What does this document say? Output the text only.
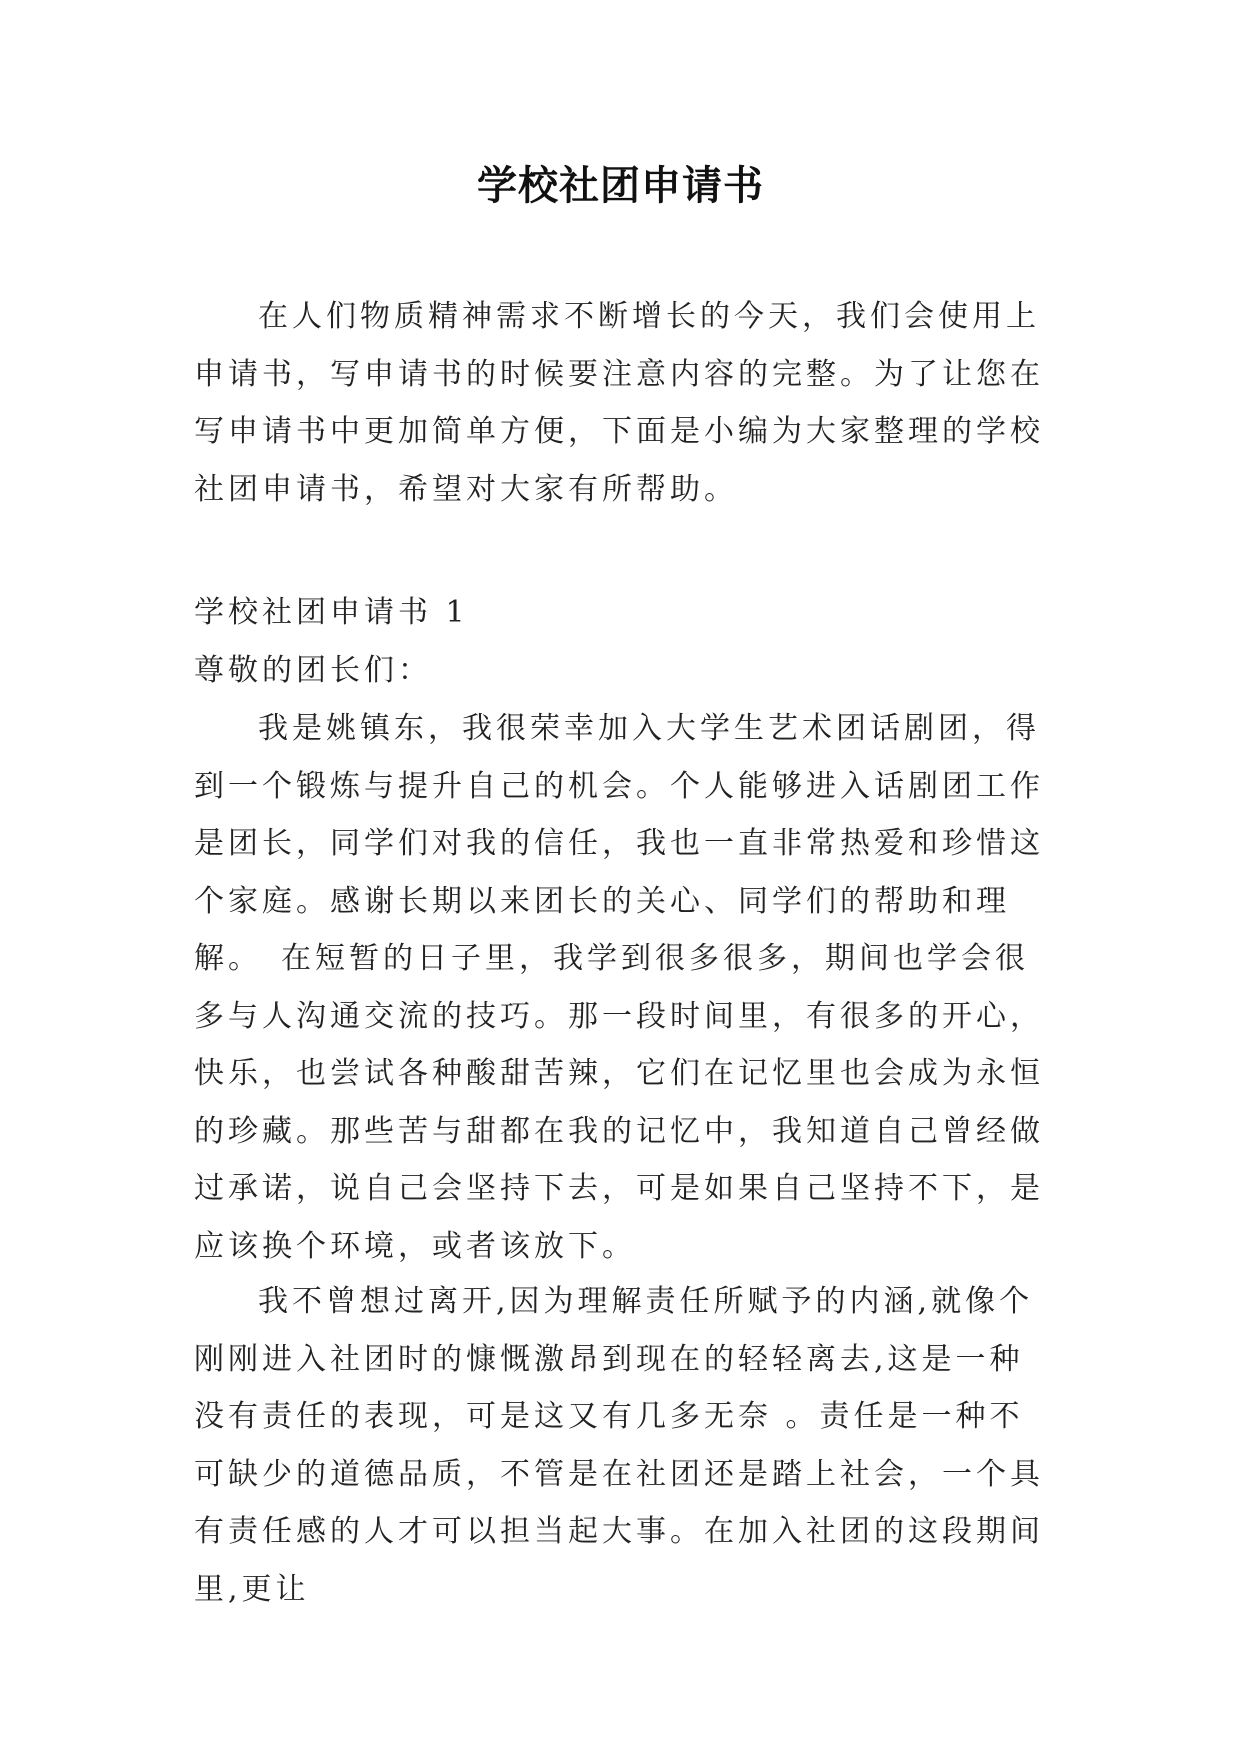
学校社团申请书
在人们物质精神需求不断增长的今天，我们会使用上申请书，写申请书的时候要注意内容的完整。为了让您在写申请书中更加简单方便，下面是小编为大家整理的学校社团申请书，希望对大家有所帮助。
学校社团申请书 1
尊敬的团长们：
我是姚镇东，我很荣幸加入大学生艺术团话剧团，得到一个锻炼与提升自己的机会。个人能够进入话剧团工作是团长，同学们对我的信任，我也一直非常热爱和珍惜这个家庭。感谢长期以来团长的关心、同学们的帮助和理解。　在短暂的日子里，我学到很多很多，期间也学会很多与人沟通交流的技巧。那一段时间里，有很多的开心，快乐，也尝试各种酸甜苦辣，它们在记忆里也会成为永恒的珍藏。那些苦与甜都在我的记忆中，我知道自己曾经做过承诺，说自己会坚持下去，可是如果自己坚持不下，是应该换个环境，或者该放下。
我不曾想过离开,因为理解责任所赋予的内涵,就像个刚刚进入社团时的慷慨激昂到现在的轻轻离去,这是一种没有责任的表现，可是这又有几多无奈 。责任是一种不可缺少的道德品质，不管是在社团还是踏上社会，一个具有责任感的人才可以担当起大事。在加入社团的这段期间里,更让
